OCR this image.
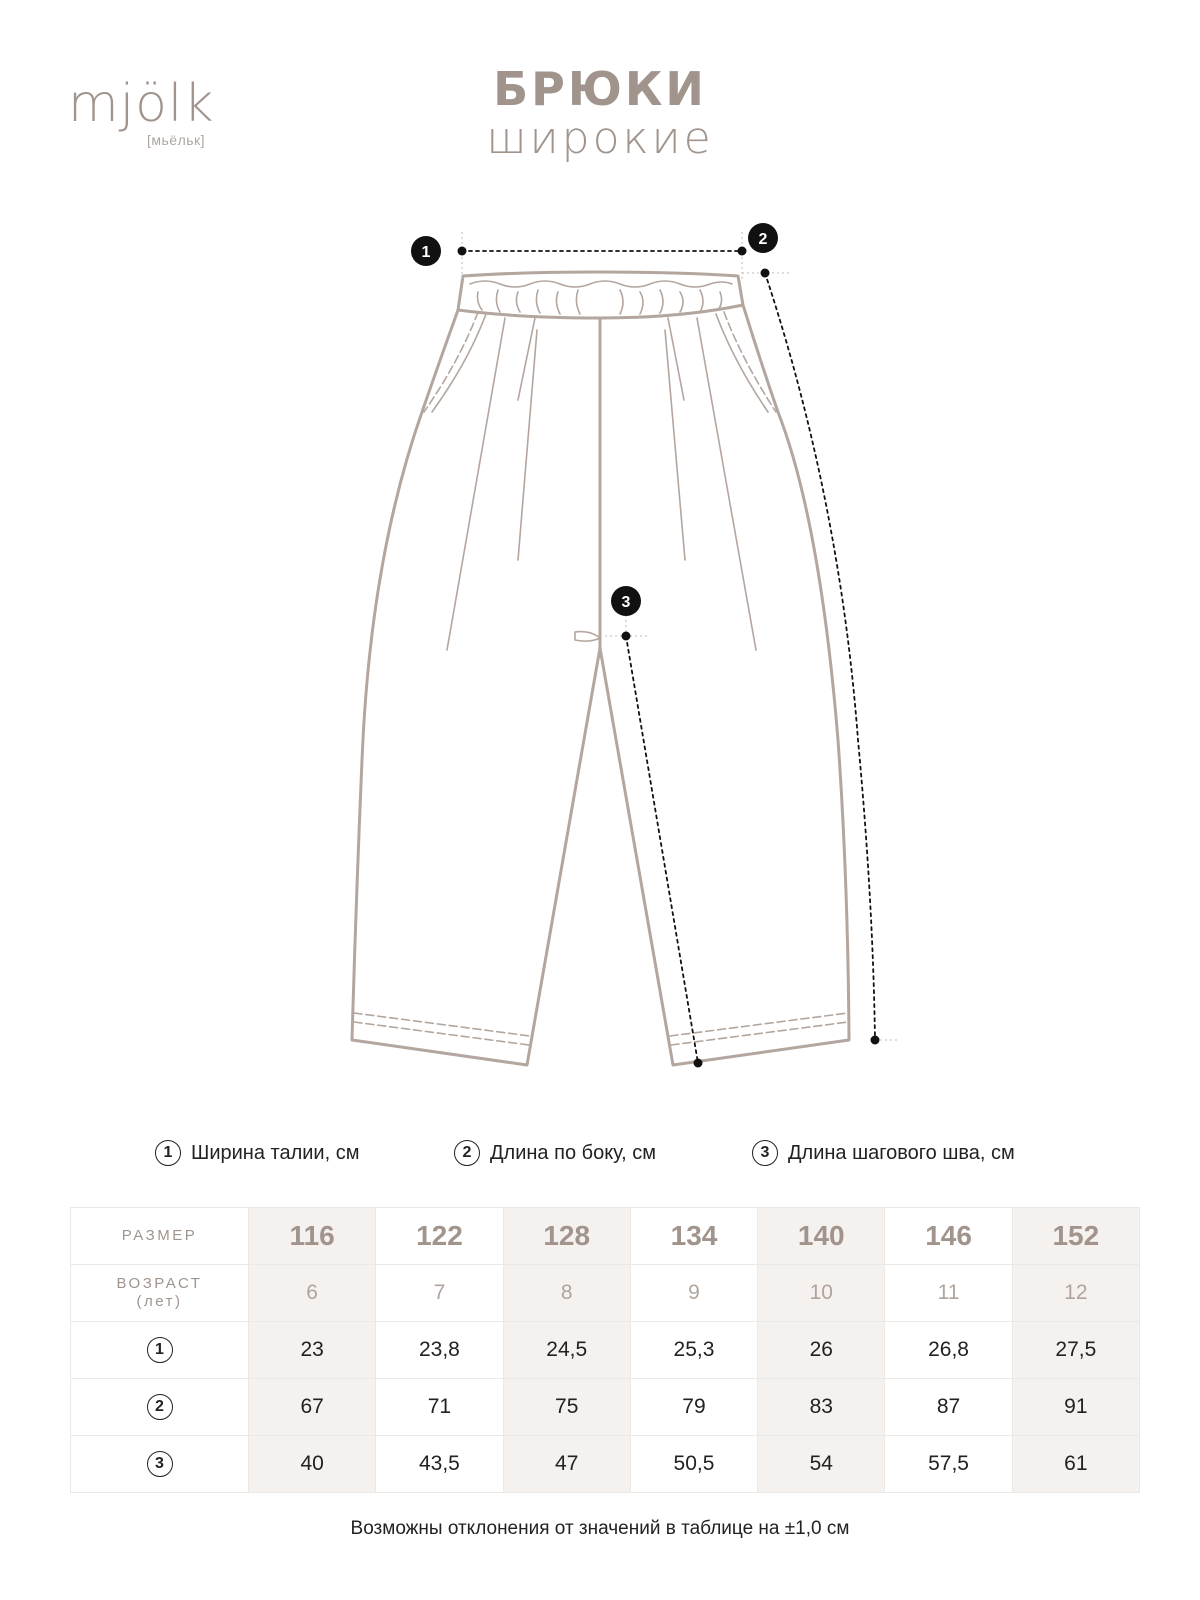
mjölk
[мьёльк]
БРЮКИ
широкие
1
2
3
1 Ширина талии, см	2 Длина по боку, см	3 Длина шагового шва, см
РАЗМЕР	116	122	128	134	140	146	152

ВОЗРАСТ
(лет)	6	7	8	9	10	11	12

1	23	23,8	24,5	25,3	26	26,8	27,5

2	67	71	75	79	83	87	91

3	40	43,5	47	50,5	54	57,5	61
Возможны отклонения от значений в таблице на ±1,0 см
